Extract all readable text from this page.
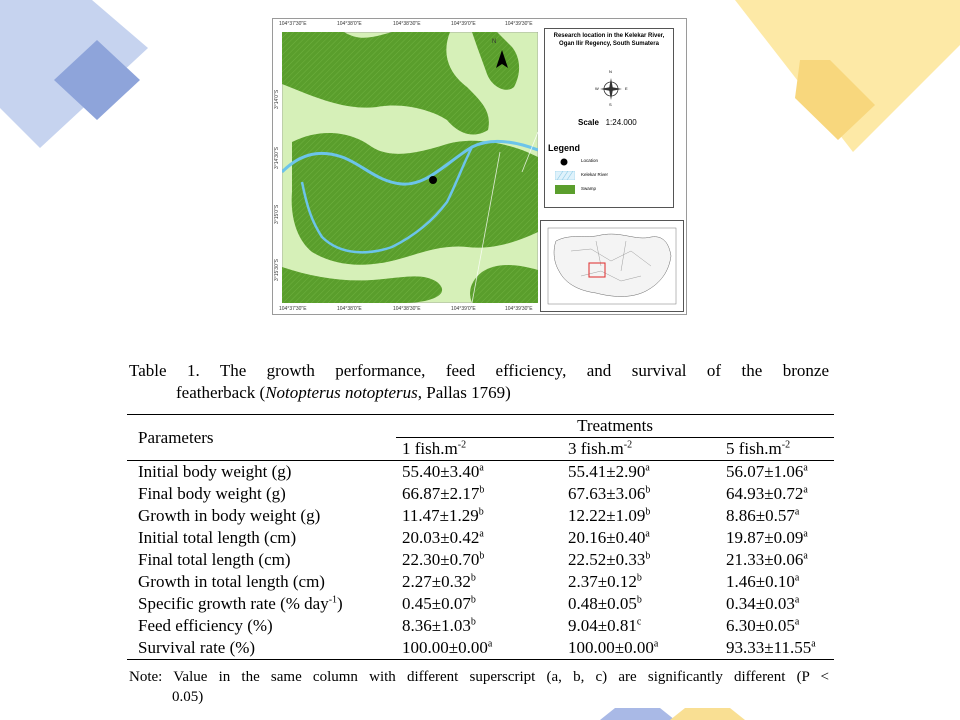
N
104°37'30"E	104°38'0"E	104°38'30"E	104°39'0"E	104°39'30"E
104°37'30"E	104°38'0"E	104°38'30"E	104°39'0"E	104°39'30"E
3°14'0"S
3°14'30"S
3°15'0"S
3°15'30"S
Research location in the Kelekar River, Ogan Ilir Regency, South Sumatera
N
W	E
S
Scale 1:24.000
Legend
Location
Kelekar River
Swamp
Table 1. The growth performance, feed efficiency, and survival of the bronze
featherback (Notopterus notopterus, Pallas 1769)
Parameters	Treatments		
	1 $fish.m^{-2}$	3 $fish.m^{-2}$	5 $fish.m^{-2}$
Initial body weight (g)	55.40±3.40$^a$	55.41±2.90$^a$	56.07±1.06$^a$
Final body weight (g)	66.87±2.17$^b$	67.63±3.06$^b$	64.93±0.72$^a$
Growth in body weight (g)	11.47±1.29$^b$	12.22±1.09$^b$	8.86±0.57$^a$
Initial total length (cm)	20.03±0.42$^a$	20.16±0.40$^a$	19.87±0.09$^a$
Final total length (cm)	22.30±0.70$^b$	22.52±0.33$^b$	21.33±0.06$^a$
Growth in total length (cm)	2.27±0.32$^b$	2.37±0.12$^b$	1.46±0.10$^a$
Specific growth rate (% day$^{-1}$)	0.45±0.07$^b$	0.48±0.05$^b$	0.34±0.03$^a$
Feed efficiency (%)	8.36±1.03$^b$	9.04±0.81$^c$	6.30±0.05$^a$
Survival rate (%)	100.00±0.00$^a$	100.00±0.00$^a$	93.33±11.55$^a$
Note: Value in the same column with different superscript (a, b, c) are significantly different (P <
0.05)
